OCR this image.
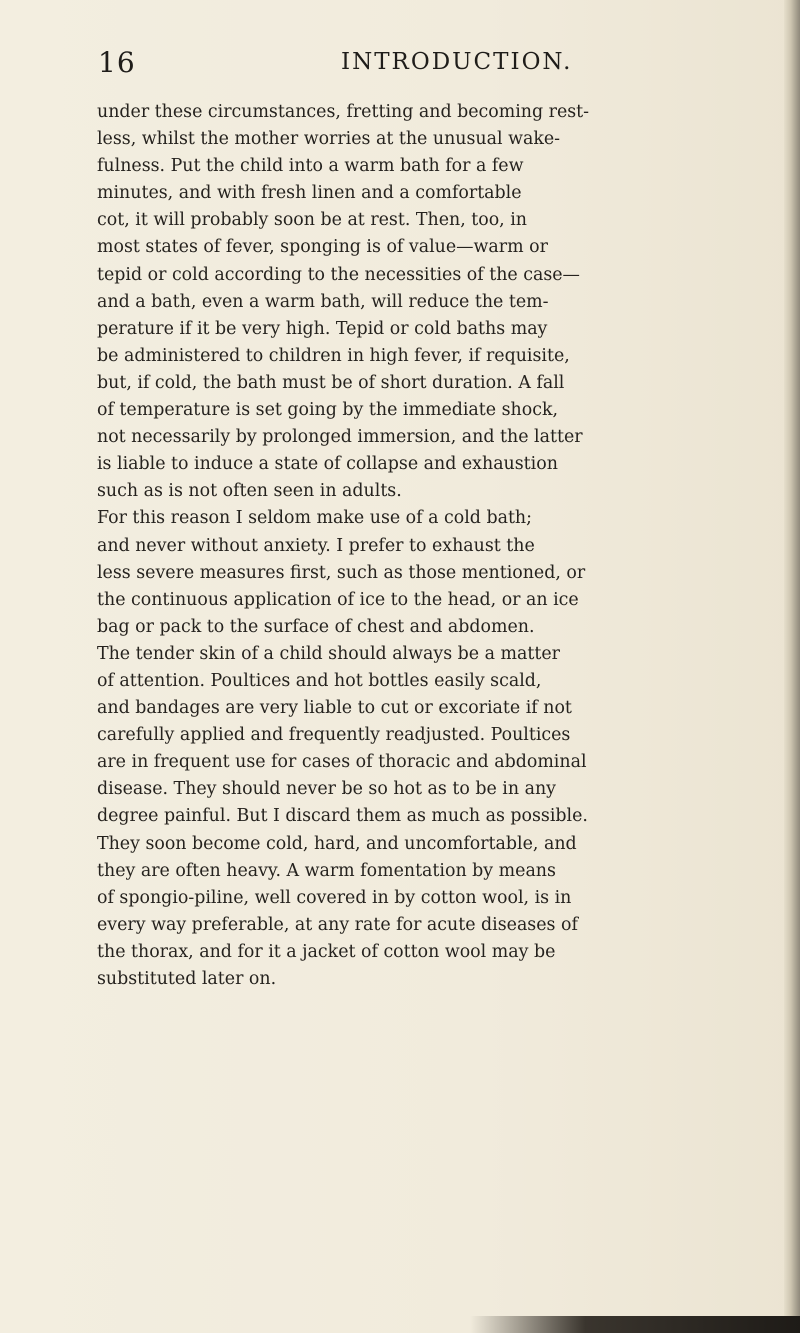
16	INTRODUCTION.
under these circumstances, fretting and becoming rest-
less, whilst the mother worries at the unusual wake-
fulness. Put the child into a warm bath for a few
minutes, and with fresh linen and a comfortable
cot, it will probably soon be at rest. Then, too, in
most states of fever, sponging is of value—warm or
tepid or cold according to the necessities of the case—
and a bath, even a warm bath, will reduce the tem-
perature if it be very high. Tepid or cold baths may
be administered to children in high fever, if requisite,
but, if cold, the bath must be of short duration. A fall
of temperature is set going by the immediate shock,
not necessarily by prolonged immersion, and the latter
is liable to induce a state of collapse and exhaustion
such as is not often seen in adults.
For this reason I seldom make use of a cold bath;
and never without anxiety. I prefer to exhaust the
less severe measures first, such as those mentioned, or
the continuous application of ice to the head, or an ice
bag or pack to the surface of chest and abdomen.
The tender skin of a child should always be a matter
of attention. Poultices and hot bottles easily scald,
and bandages are very liable to cut or excoriate if not
carefully applied and frequently readjusted. Poultices
are in frequent use for cases of thoracic and abdominal
disease. They should never be so hot as to be in any
degree painful. But I discard them as much as possible.
They soon become cold, hard, and uncomfortable, and
they are often heavy. A warm fomentation by means
of spongio-piline, well covered in by cotton wool, is in
every way preferable, at any rate for acute diseases of
the thorax, and for it a jacket of cotton wool may be
substituted later on.
